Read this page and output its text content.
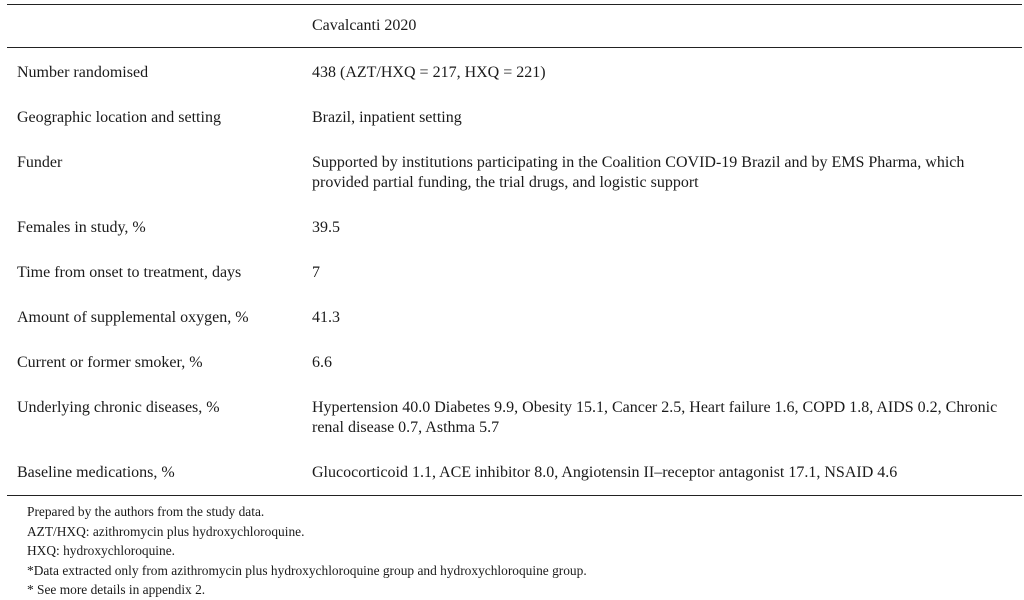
	Cavalcanti 2020
Number randomised	438 (AZT/HXQ = 217, HXQ = 221)
Geographic location and setting	Brazil, inpatient setting
Funder	Supported by institutions participating in the Coalition COVID-19 Brazil and by EMS Pharma, which provided partial funding, the trial drugs, and logistic support
Females in study, %	39.5
Time from onset to treatment, days	7
Amount of supplemental oxygen, %	41.3
Current or former smoker, %	6.6
Underlying chronic diseases, %	Hypertension 40.0 Diabetes 9.9, Obesity 15.1, Cancer 2.5, Heart failure 1.6, COPD 1.8, AIDS 0.2, Chronic renal disease 0.7, Asthma 5.7
Baseline medications, %	Glucocorticoid 1.1, ACE inhibitor 8.0, Angiotensin II–receptor antagonist 17.1, NSAID 4.6
Prepared by the authors from the study data.
AZT/HXQ: azithromycin plus hydroxychloroquine.
HXQ: hydroxychloroquine.
*Data extracted only from azithromycin plus hydroxychloroquine group and hydroxychloroquine group.
* See more details in appendix 2.
